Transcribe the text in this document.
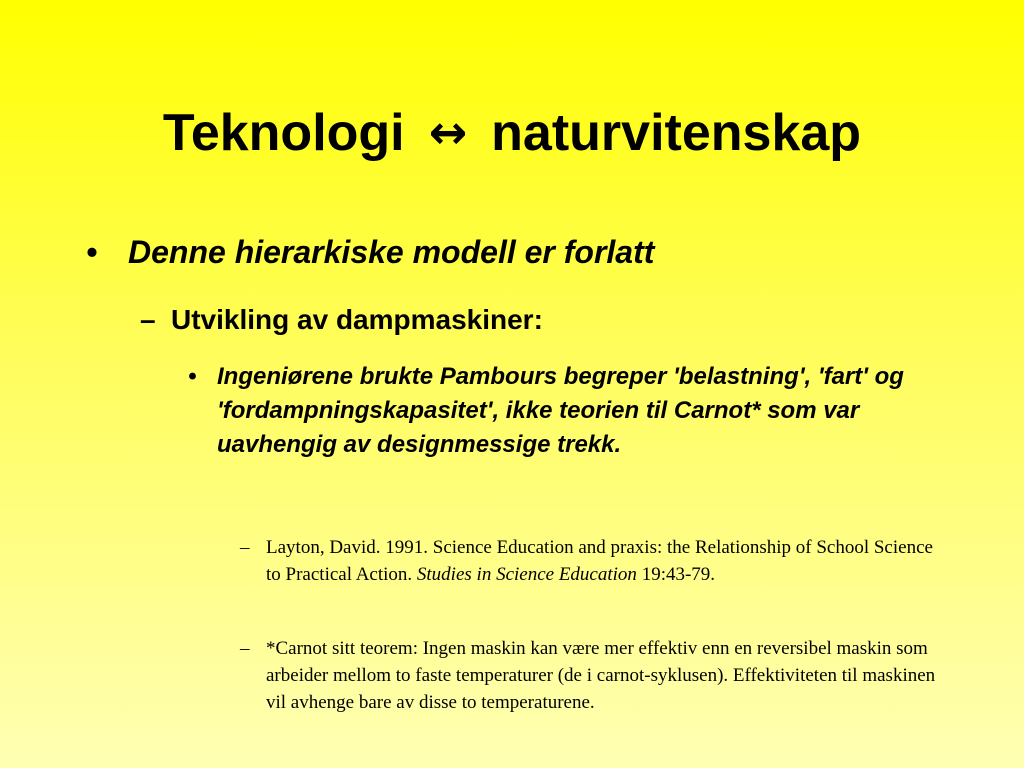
Teknologi ↔ naturvitenskap
• Denne hierarkiske modell er forlatt
– Utvikling av dampmaskiner:
• Ingeniørene brukte Pambours begreper 'belastning', 'fart' og 'fordampningskapasitet', ikke teorien til Carnot* som var uavhengig av designmessige trekk.
– Layton, David. 1991. Science Education and praxis: the Relationship of School Science to Practical Action. Studies in Science Education 19:43-79.
– *Carnot sitt teorem: Ingen maskin kan være mer effektiv enn en reversibel maskin som arbeider mellom to faste temperaturer (de i carnot-syklusen). Effektiviteten til maskinen vil avhenge bare av disse to temperaturene.
